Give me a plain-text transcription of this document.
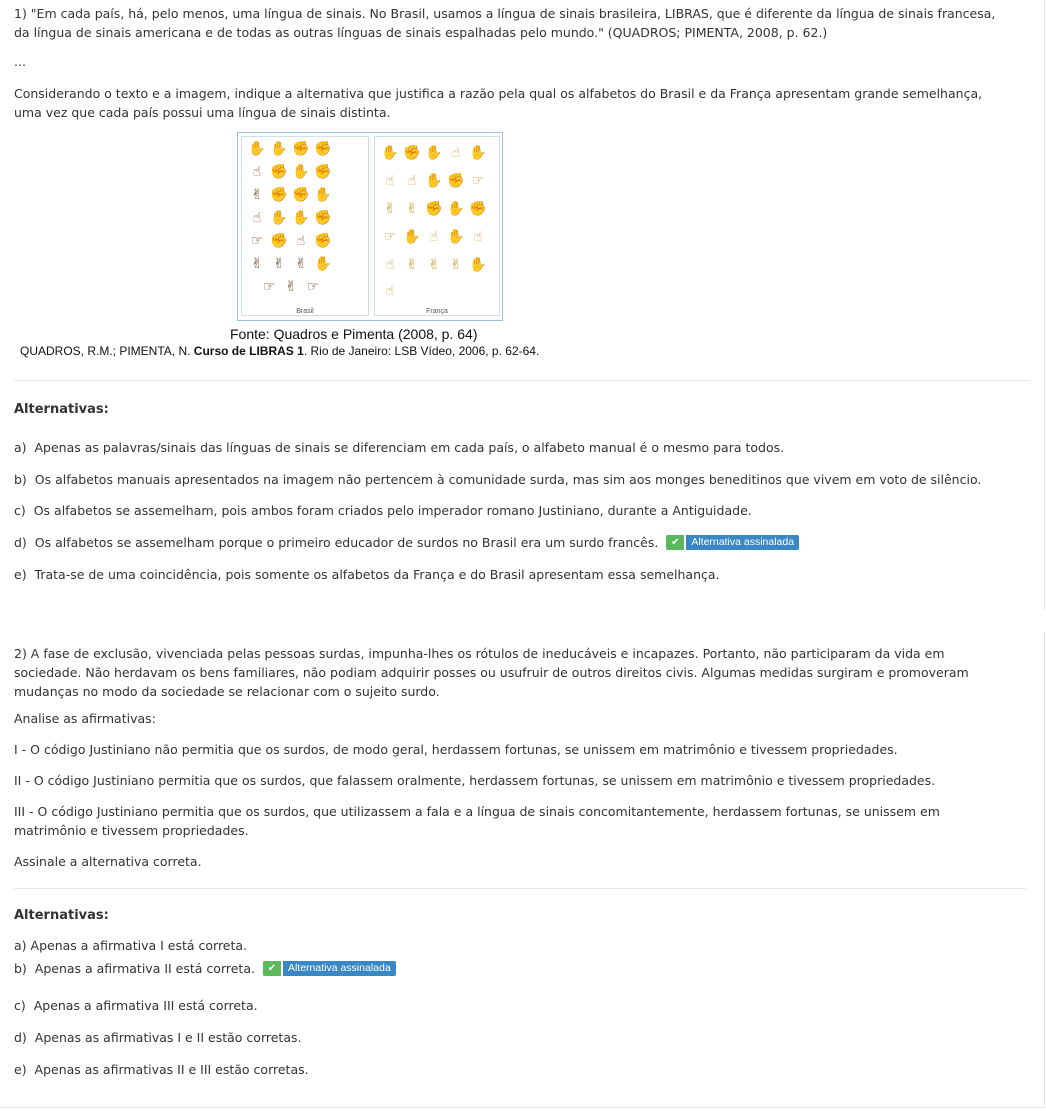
1) "Em cada país, há, pelo menos, uma língua de sinais. No Brasil, usamos a língua de sinais brasileira, LIBRAS, que é diferente da língua de sinais francesa,

da língua de sinais americana e de todas as outras línguas de sinais espalhadas pelo mundo." (QUADROS; PIMENTA, 2008, p. 62.)

...

Considerando o texto e a imagem, indique a alternativa que justifica a razão pela qual os alfabetos do Brasil e da França apresentam grande semelhança,

uma vez que cada país possui uma língua de sinais distinta.

✋ ✋ ✊ ✊
☝ ✊ ✋ ✊
✌ ✊ ✊ ✋
☝ ✋ ✋ ✊
☞ ✊ ☝ ✊
✌ ✌ ✌ ✋
☞ ✌ ☞
Brasil
✋ ✊ ✋ ☝ ✋
☝ ☝ ✋ ✊ ☞
✌ ✌ ✊ ✋ ✊
☞ ✋ ☝ ✋ ☝
☝ ✌ ✌ ✌ ✋
☝
França
Fonte: Quadros e Pimenta (2008, p. 64)
QUADROS, R.M.; PIMENTA, N. Curso de LIBRAS 1. Rio de Janeiro: LSB Vídeo, 2006, p. 62-64.
Alternativas:
a) Apenas as palavras/sinais das línguas de sinais se diferenciam em cada país, o alfabeto manual é o mesmo para todos.
b) Os alfabetos manuais apresentados na imagem não pertencem à comunidade surda, mas sim aos monges beneditinos que vivem em voto de silêncio.
c) Os alfabetos se assemelham, pois ambos foram criados pelo imperador romano Justiniano, durante a Antiguidade.
d) Os alfabetos se assemelham porque o primeiro educador de surdos no Brasil era um surdo francês.	✔	Alternativa assinalada
e) Trata-se de uma coincidência, pois somente os alfabetos da França e do Brasil apresentam essa semelhança.

2) A fase de exclusão, vivenciada pelas pessoas surdas, impunha-lhes os rótulos de ineducáveis e incapazes. Portanto, não participaram da vida em

sociedade. Não herdavam os bens familiares, não podiam adquirir posses ou usufruir de outros direitos civis. Algumas medidas surgiram e promoveram

mudanças no modo da sociedade se relacionar com o sujeito surdo.

Analise as afirmativas:

I - O código Justiniano não permitia que os surdos, de modo geral, herdassem fortunas, se unissem em matrimônio e tivessem propriedades.

II - O código Justiniano permitia que os surdos, que falassem oralmente, herdassem fortunas, se unissem em matrimônio e tivessem propriedades.

III - O código Justiniano permitia que os surdos, que utilizassem a fala e a língua de sinais concomitantemente, herdassem fortunas, se unissem em

matrimônio e tivessem propriedades.

Assinale a alternativa correta.

Alternativas:
a) Apenas a afirmativa I está correta.
b) Apenas a afirmativa II está correta.	✔	Alternativa assinalada
c) Apenas a afirmativa III está correta.
d) Apenas as afirmativas I e II estão corretas.
e) Apenas as afirmativas II e III estão corretas.
